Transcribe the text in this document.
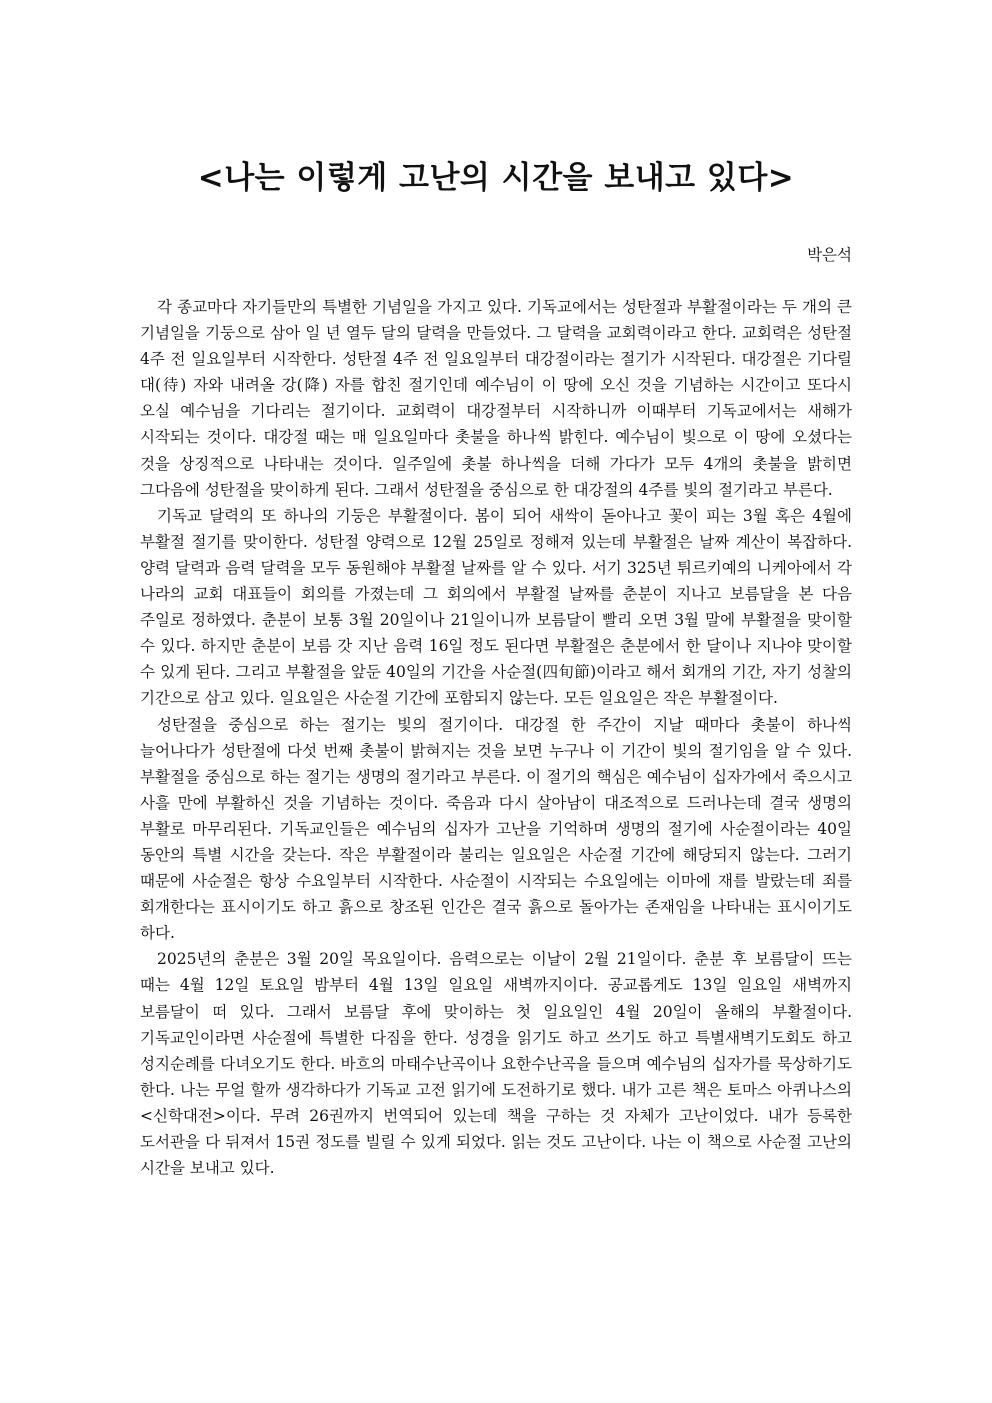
<나는 이렇게 고난의 시간을 보내고 있다>
박은석

각 종교마다 자기들만의 특별한 기념일을 가지고 있다. 기독교에서는 성탄절과 부활절이라는 두 개의 큰 기념일을 기둥으로 삼아 일 년 열두 달의 달력을 만들었다. 그 달력을 교회력이라고 한다. 교회력은 성탄절 4주 전 일요일부터 시작한다. 성탄절 4주 전 일요일부터 대강절이라는 절기가 시작된다. 대강절은 기다릴 대(待) 자와 내려올 강(降) 자를 합친 절기인데 예수님이 이 땅에 오신 것을 기념하는 시간이고 또다시 오실 예수님을 기다리는 절기이다. 교회력이 대강절부터 시작하니까 이때부터 기독교에서는 새해가 시작되는 것이다. 대강절 때는 매 일요일마다 촛불을 하나씩 밝힌다. 예수님이 빛으로 이 땅에 오셨다는 것을 상징적으로 나타내는 것이다. 일주일에 촛불 하나씩을 더해 가다가 모두 4개의 촛불을 밝히면 그다음에 성탄절을 맞이하게 된다. 그래서 성탄절을 중심으로 한 대강절의 4주를 빛의 절기라고 부른다.

기독교 달력의 또 하나의 기둥은 부활절이다. 봄이 되어 새싹이 돋아나고 꽃이 피는 3월 혹은 4월에 부활절 절기를 맞이한다. 성탄절 양력으로 12월 25일로 정해져 있는데 부활절은 날짜 계산이 복잡하다. 양력 달력과 음력 달력을 모두 동원해야 부활절 날짜를 알 수 있다. 서기 325년 튀르키예의 니케아에서 각 나라의 교회 대표들이 회의를 가졌는데 그 회의에서 부활절 날짜를 춘분이 지나고 보름달을 본 다음 주일로 정하였다. 춘분이 보통 3월 20일이나 21일이니까 보름달이 빨리 오면 3월 말에 부활절을 맞이할 수 있다. 하지만 춘분이 보름 갓 지난 음력 16일 정도 된다면 부활절은 춘분에서 한 달이나 지나야 맞이할 수 있게 된다. 그리고 부활절을 앞둔 40일의 기간을 사순절(四旬節)이라고 해서 회개의 기간, 자기 성찰의 기간으로 삼고 있다. 일요일은 사순절 기간에 포함되지 않는다. 모든 일요일은 작은 부활절이다.

성탄절을 중심으로 하는 절기는 빛의 절기이다. 대강절 한 주간이 지날 때마다 촛불이 하나씩 늘어나다가 성탄절에 다섯 번째 촛불이 밝혀지는 것을 보면 누구나 이 기간이 빛의 절기임을 알 수 있다. 부활절을 중심으로 하는 절기는 생명의 절기라고 부른다. 이 절기의 핵심은 예수님이 십자가에서 죽으시고 사흘 만에 부활하신 것을 기념하는 것이다. 죽음과 다시 살아남이 대조적으로 드러나는데 결국 생명의 부활로 마무리된다. 기독교인들은 예수님의 십자가 고난을 기억하며 생명의 절기에 사순절이라는 40일 동안의 특별 시간을 갖는다. 작은 부활절이라 불리는 일요일은 사순절 기간에 해당되지 않는다. 그러기 때문에 사순절은 항상 수요일부터 시작한다. 사순절이 시작되는 수요일에는 이마에 재를 발랐는데 죄를 회개한다는 표시이기도 하고 흙으로 창조된 인간은 결국 흙으로 돌아가는 존재임을 나타내는 표시이기도 하다.

2025년의 춘분은 3월 20일 목요일이다. 음력으로는 이날이 2월 21일이다. 춘분 후 보름달이 뜨는 때는 4월 12일 토요일 밤부터 4월 13일 일요일 새벽까지이다. 공교롭게도 13일 일요일 새벽까지 보름달이 떠 있다. 그래서 보름달 후에 맞이하는 첫 일요일인 4월 20일이 올해의 부활절이다. 기독교인이라면 사순절에 특별한 다짐을 한다. 성경을 읽기도 하고 쓰기도 하고 특별새벽기도회도 하고 성지순례를 다녀오기도 한다. 바흐의 마태수난곡이나 요한수난곡을 들으며 예수님의 십자가를 묵상하기도 한다. 나는 무얼 할까 생각하다가 기독교 고전 읽기에 도전하기로 했다. 내가 고른 책은 토마스 아퀴나스의 <신학대전>이다. 무려 26권까지 번역되어 있는데 책을 구하는 것 자체가 고난이었다. 내가 등록한 도서관을 다 뒤져서 15권 정도를 빌릴 수 있게 되었다. 읽는 것도 고난이다. 나는 이 책으로 사순절 고난의 시간을 보내고 있다.
